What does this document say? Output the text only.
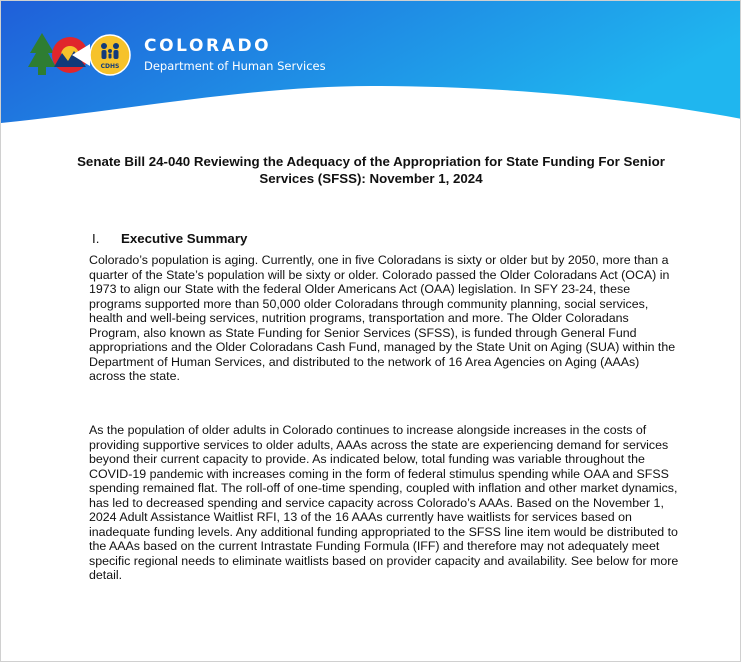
CDHS
COLORADO
Department of Human Services
Senate Bill 24-040 Reviewing the Adequacy of the Appropriation for State Funding For Senior Services (SFSS): November 1, 2024
I. Executive Summary

Colorado’s population is aging. Currently, one in five Coloradans is sixty or older but by 2050, more than a quarter of the State’s population will be sixty or older. Colorado passed the Older Coloradans Act (OCA) in 1973 to align our State with the federal Older Americans Act (OAA) legislation. In SFY 23-24, these programs supported more than 50,000 older Coloradans through community planning, social services, health and well-being services, nutrition programs, transportation and more. The Older Coloradans Program, also known as State Funding for Senior Services (SFSS), is funded through General Fund appropriations and the Older Coloradans Cash Fund, managed by the State Unit on Aging (SUA) within the Department of Human Services, and distributed to the network of 16 Area Agencies on Aging (AAAs) across the state.

As the population of older adults in Colorado continues to increase alongside increases in the costs of providing supportive services to older adults, AAAs across the state are experiencing demand for services beyond their current capacity to provide. As indicated below, total funding was variable throughout the COVID-19 pandemic with increases coming in the form of federal stimulus spending while OAA and SFSS spending remained flat. The roll-off of one-time spending, coupled with inflation and other market dynamics, has led to decreased spending and service capacity across Colorado’s AAAs. Based on the November 1, 2024 Adult Assistance Waitlist RFI, 13 of the 16 AAAs currently have waitlists for services based on inadequate funding levels. Any additional funding appropriated to the SFSS line item would be distributed to the AAAs based on the current Intrastate Funding Formula (IFF) and therefore may not adequately meet specific regional needs to eliminate waitlists based on provider capacity and availability. See below for more detail.
